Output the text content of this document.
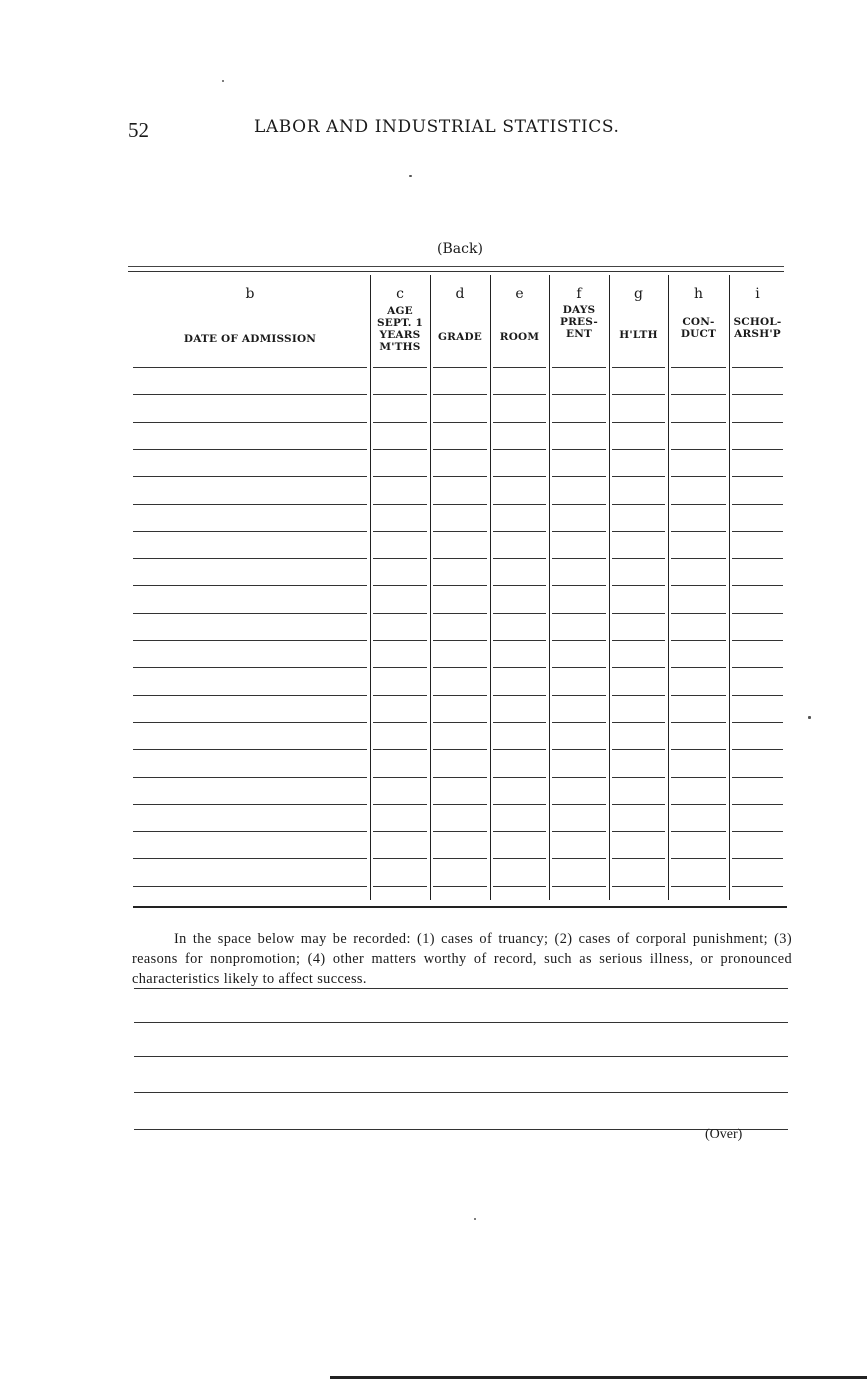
52	LABOR AND INDUSTRIAL STATISTICS.
(Back)
b
DATE OF ADMISSION
c
AGE
SEPT. 1
YEARS
M'THS
d
GRADE
e
ROOM
f
DAYS
PRES-
ENT
g
H'LTH
h
CON-
DUCT
i
SCHOL-
ARSH'P
In the space below may be recorded: (1) cases of truancy; (2) cases of corporal punishment; (3) reasons for nonpromotion; (4) other matters worthy of record, such as serious illness, or pronounced characteristics likely to affect success.
(Over)
